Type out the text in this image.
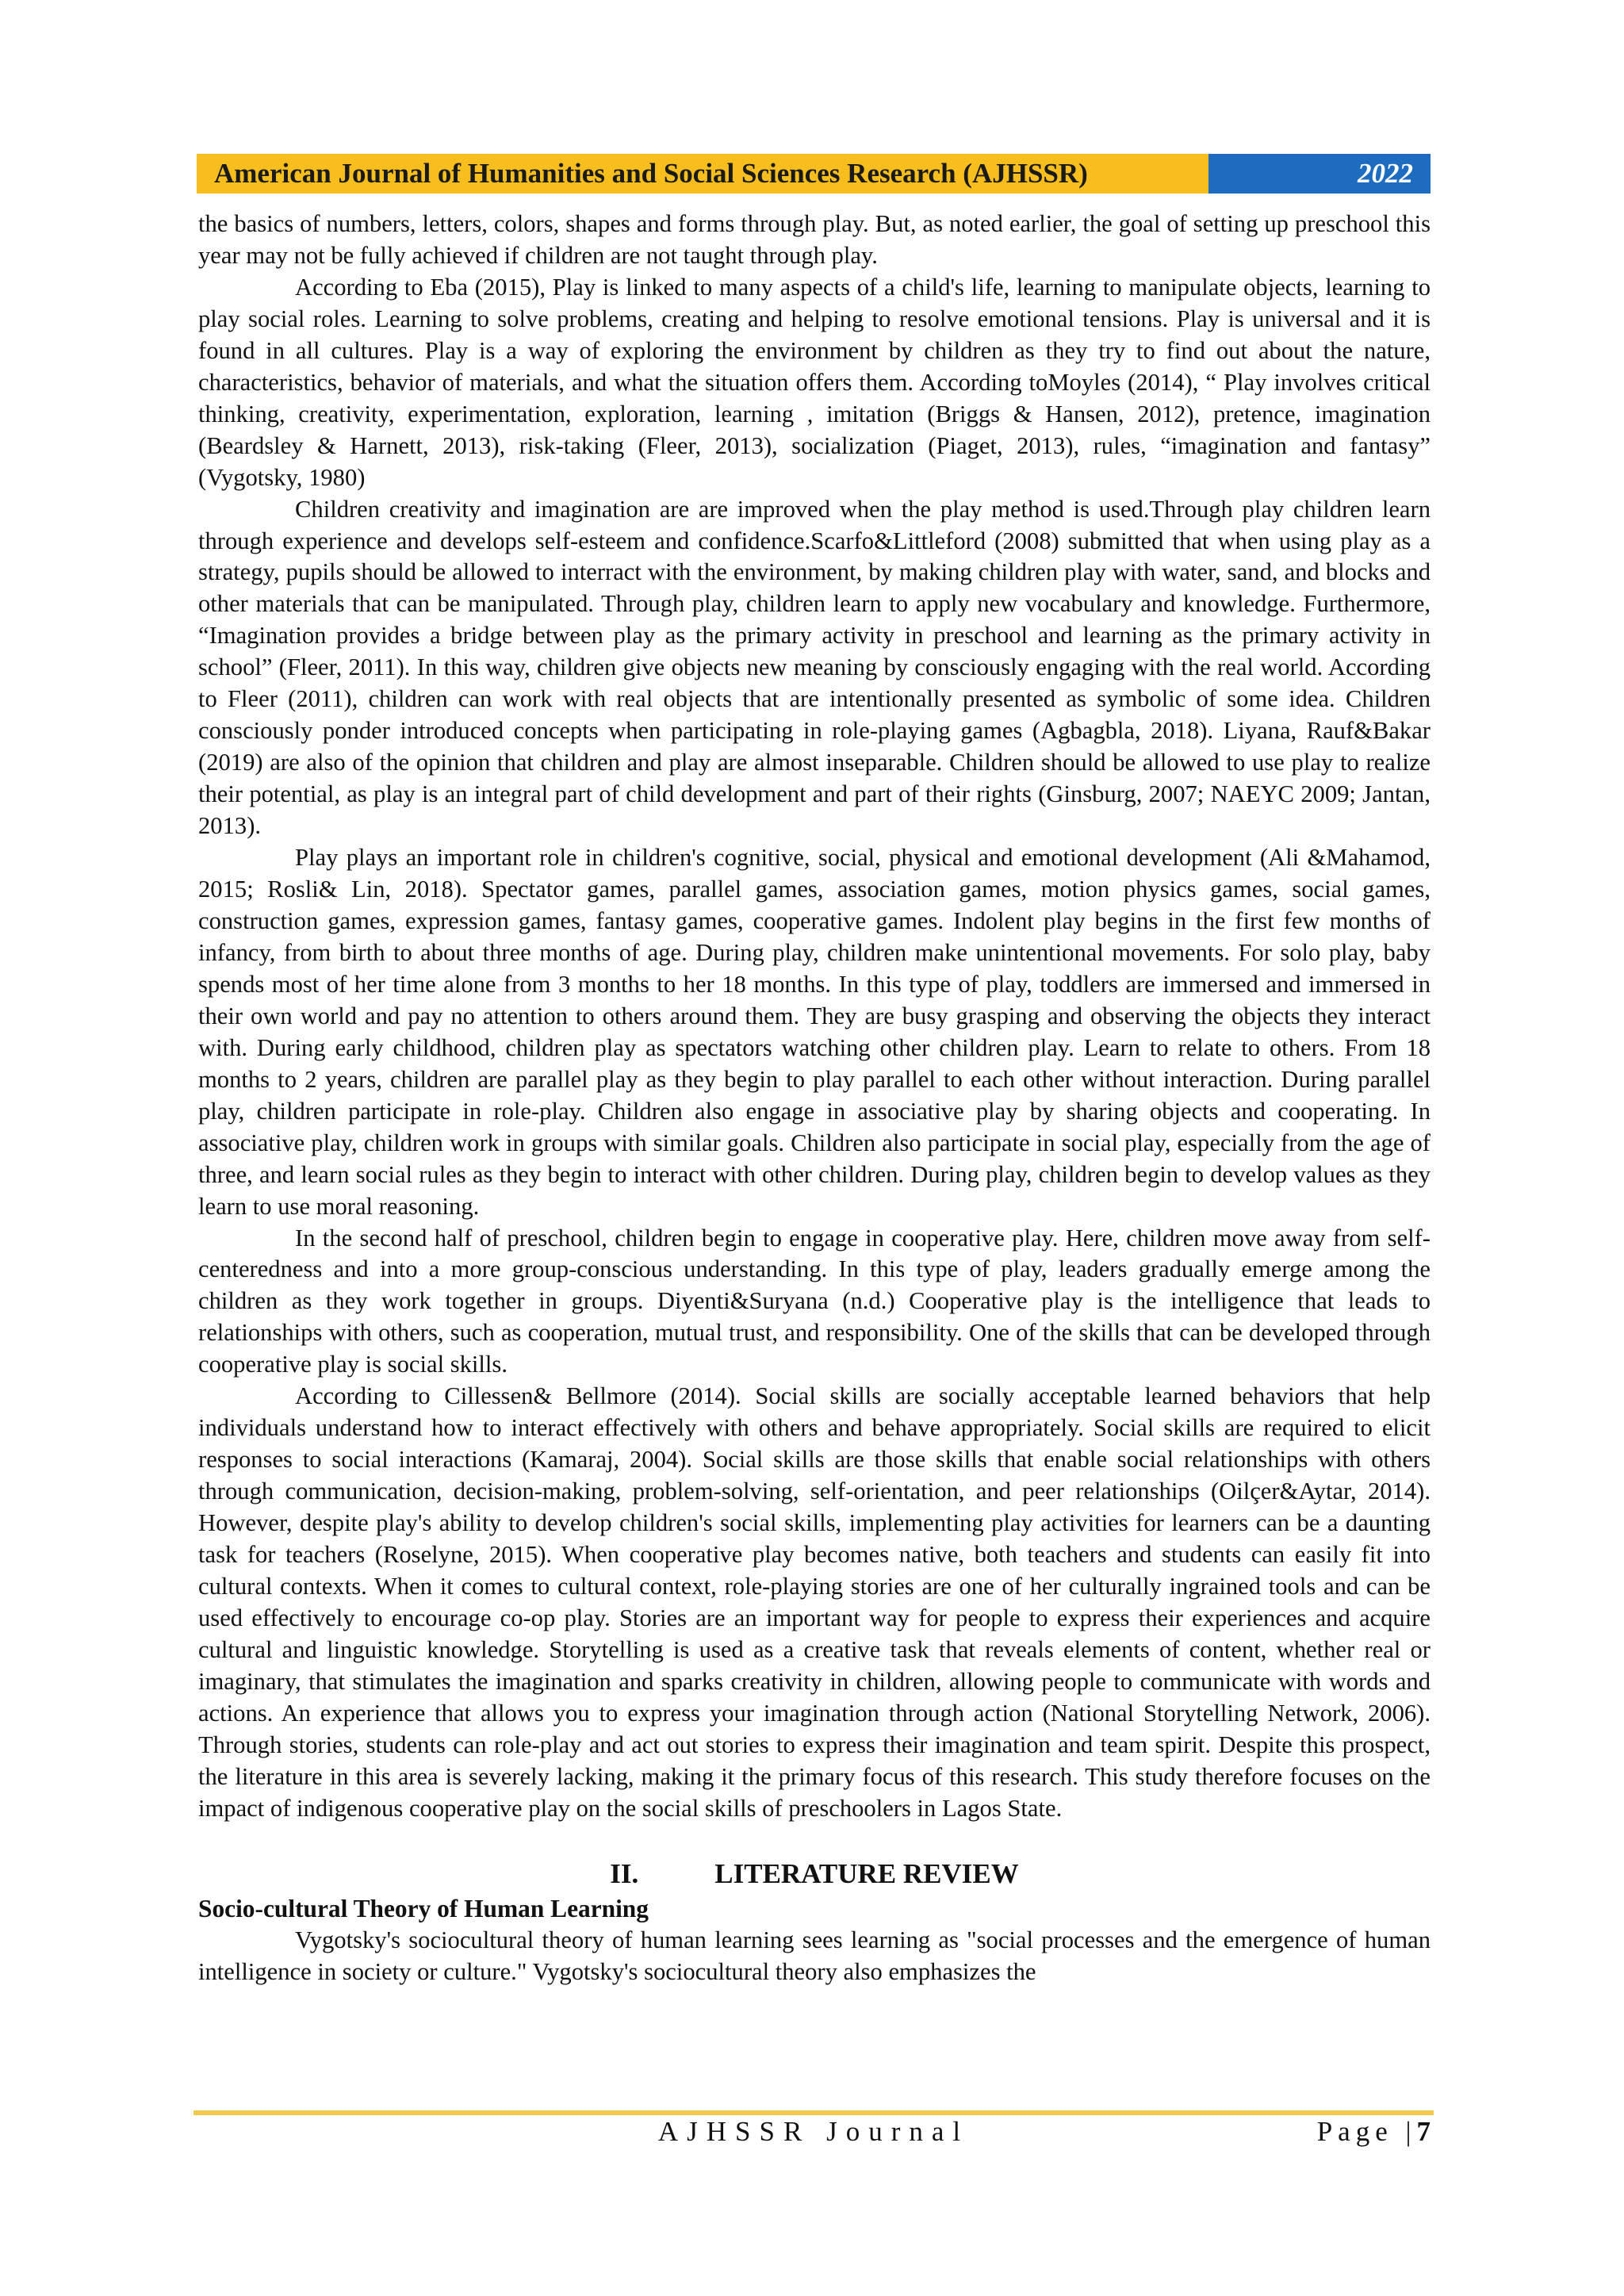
American Journal of Humanities and Social Sciences Research (AJHSSR)	2022

the basics of numbers, letters, colors, shapes and forms through play. But, as noted earlier, the goal of setting up preschool this year may not be fully achieved if children are not taught through play.

According to Eba (2015), Play is linked to many aspects of a child's life, learning to manipulate objects, learning to play social roles. Learning to solve problems, creating and helping to resolve emotional tensions. Play is universal and it is found in all cultures. Play is a way of exploring the environment by children as they try to find out about the nature, characteristics, behavior of materials, and what the situation offers them. According toMoyles (2014), “ Play involves critical thinking, creativity, experimentation, exploration, learning , imitation (Briggs & Hansen, 2012), pretence, imagination (Beardsley & Harnett, 2013), risk-taking (Fleer, 2013), socialization (Piaget, 2013), rules, “imagination and fantasy” (Vygotsky, 1980)

Children creativity and imagination are are improved when the play method is used.Through play children learn through experience and develops self-esteem and confidence.Scarfo&Littleford (2008) submitted that when using play as a strategy, pupils should be allowed to interract with the environment, by making children play with water, sand, and blocks and other materials that can be manipulated. Through play, children learn to apply new vocabulary and knowledge. Furthermore, “Imagination provides a bridge between play as the primary activity in preschool and learning as the primary activity in school” (Fleer, 2011). In this way, children give objects new meaning by consciously engaging with the real world. According to Fleer (2011), children can work with real objects that are intentionally presented as symbolic of some idea. Children consciously ponder introduced concepts when participating in role-playing games (Agbagbla, 2018). Liyana, Rauf&Bakar (2019) are also of the opinion that children and play are almost inseparable. Children should be allowed to use play to realize their potential, as play is an integral part of child development and part of their rights (Ginsburg, 2007; NAEYC 2009; Jantan, 2013).

Play plays an important role in children's cognitive, social, physical and emotional development (Ali &Mahamod, 2015; Rosli& Lin, 2018). Spectator games, parallel games, association games, motion physics games, social games, construction games, expression games, fantasy games, cooperative games. Indolent play begins in the first few months of infancy, from birth to about three months of age. During play, children make unintentional movements. For solo play, baby spends most of her time alone from 3 months to her 18 months. In this type of play, toddlers are immersed and immersed in their own world and pay no attention to others around them. They are busy grasping and observing the objects they interact with. During early childhood, children play as spectators watching other children play. Learn to relate to others. From 18 months to 2 years, children are parallel play as they begin to play parallel to each other without interaction. During parallel play, children participate in role-play. Children also engage in associative play by sharing objects and cooperating. In associative play, children work in groups with similar goals. Children also participate in social play, especially from the age of three, and learn social rules as they begin to interact with other children. During play, children begin to develop values as they learn to use moral reasoning.

In the second half of preschool, children begin to engage in cooperative play. Here, children move away from self-centeredness and into a more group-conscious understanding. In this type of play, leaders gradually emerge among the children as they work together in groups. Diyenti&Suryana (n.d.) Cooperative play is the intelligence that leads to relationships with others, such as cooperation, mutual trust, and responsibility. One of the skills that can be developed through cooperative play is social skills.

According to Cillessen& Bellmore (2014). Social skills are socially acceptable learned behaviors that help individuals understand how to interact effectively with others and behave appropriately. Social skills are required to elicit responses to social interactions (Kamaraj, 2004). Social skills are those skills that enable social relationships with others through communication, decision-making, problem-solving, self-orientation, and peer relationships (Oilçer&Aytar, 2014). However, despite play's ability to develop children's social skills, implementing play activities for learners can be a daunting task for teachers (Roselyne, 2015). When cooperative play becomes native, both teachers and students can easily fit into cultural contexts. When it comes to cultural context, role-playing stories are one of her culturally ingrained tools and can be used effectively to encourage co-op play. Stories are an important way for people to express their experiences and acquire cultural and linguistic knowledge. Storytelling is used as a creative task that reveals elements of content, whether real or imaginary, that stimulates the imagination and sparks creativity in children, allowing people to communicate with words and actions. An experience that allows you to express your imagination through action (National Storytelling Network, 2006). Through stories, students can role-play and act out stories to express their imagination and team spirit. Despite this prospect, the literature in this area is severely lacking, making it the primary focus of this research. This study therefore focuses on the impact of indigenous cooperative play on the social skills of preschoolers in Lagos State.

II.	LITERATURE REVIEW
Socio-cultural Theory of Human Learning

Vygotsky's sociocultural theory of human learning sees learning as "social processes and the emergence of human intelligence in society or culture." Vygotsky's sociocultural theory also emphasizes the

AJHSSR Journal	Page |7
